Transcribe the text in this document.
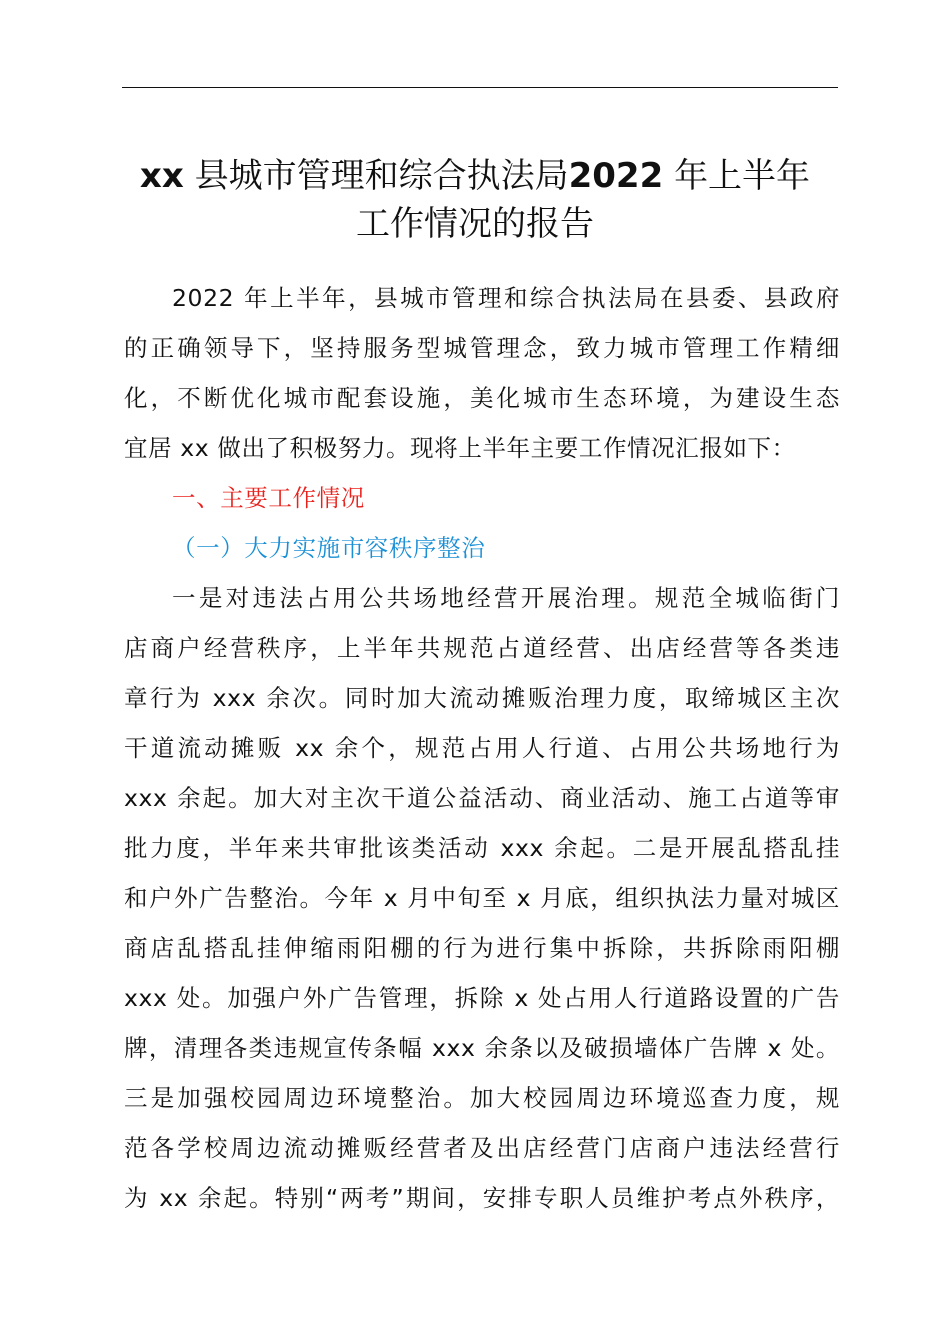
xx 县城市管理和综合执法局2022 年上半年
工作情况的报告
2022 年上半年，县城市管理和综合执法局在县委、县政府
的正确领导下，坚持服务型城管理念，致力城市管理工作精细
化，不断优化城市配套设施，美化城市生态环境，为建设生态
宜居 xx 做出了积极努力。现将上半年主要工作情况汇报如下：
一、主要工作情况
（一）大力实施市容秩序整治
一是对违法占用公共场地经营开展治理。规范全城临街门
店商户经营秩序，上半年共规范占道经营、出店经营等各类违
章行为 xxx 余次。同时加大流动摊贩治理力度，取缔城区主次
干道流动摊贩 xx 余个，规范占用人行道、占用公共场地行为
xxx 余起。加大对主次干道公益活动、商业活动、施工占道等审
批力度，半年来共审批该类活动 xxx 余起。二是开展乱搭乱挂
和户外广告整治。今年 x 月中旬至 x 月底，组织执法力量对城区
商店乱搭乱挂伸缩雨阳棚的行为进行集中拆除，共拆除雨阳棚
xxx 处。加强户外广告管理，拆除 x 处占用人行道路设置的广告
牌，清理各类违规宣传条幅 xxx 余条以及破损墙体广告牌 x 处。
三是加强校园周边环境整治。加大校园周边环境巡查力度，规
范各学校周边流动摊贩经营者及出店经营门店商户违法经营行
为 xx 余起。特别“两考”期间，安排专职人员维护考点外秩序，
